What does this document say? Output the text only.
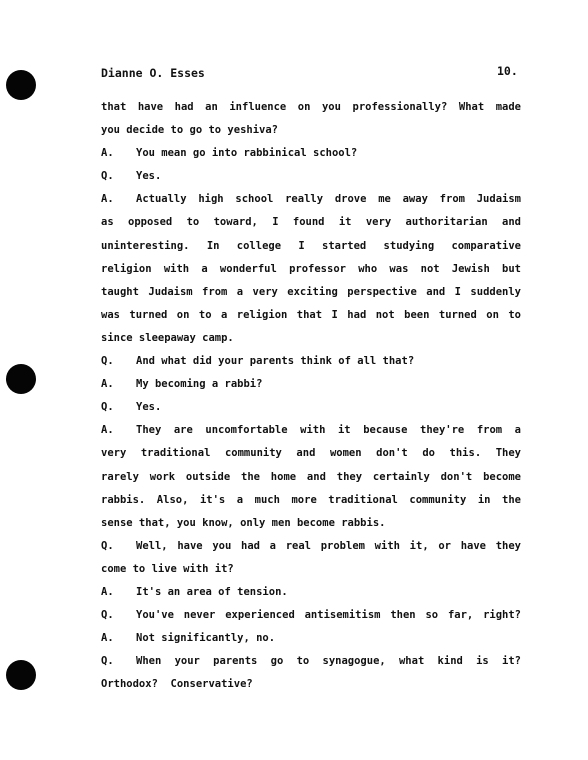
Dianne O. Esses	10.
that have had an influence on you professionally? What made
you decide to go to yeshiva?
A. You mean go into rabbinical school?
Q. Yes.
A. Actually high school really drove me away from Judaism
as opposed to toward, I found it very authoritarian and
uninteresting. In college I started studying comparative
religion with a wonderful professor who was not Jewish but
taught Judaism from a very exciting perspective and I suddenly
was turned on to a religion that I had not been turned on to
since sleepaway camp.
Q. And what did your parents think of all that?
A. My becoming a rabbi?
Q. Yes.
A. They are uncomfortable with it because they're from a
very traditional community and women don't do this. They
rarely work outside the home and they certainly don't become
rabbis. Also, it's a much more traditional community in the
sense that, you know, only men become rabbis.
Q. Well, have you had a real problem with it, or have they
come to live with it?
A. It's an area of tension.
Q. You've never experienced antisemitism then so far, right?
A. Not significantly, no.
Q. When your parents go to synagogue, what kind is it?
Orthodox?  Conservative?
